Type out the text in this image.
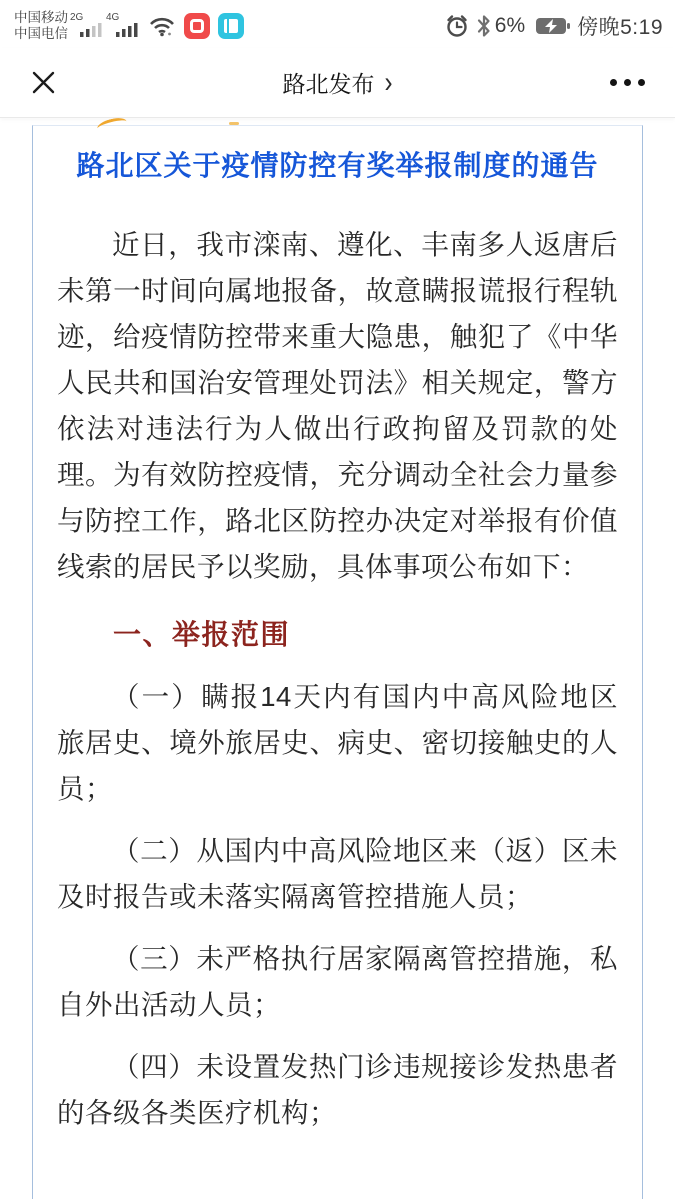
中国移动
中国电信
2G 4G	6% 傍晚5:19
路北发布 ›
路北区关于疫情防控有奖举报制度的通告

近日，我市滦南、遵化、丰南多人返唐后未第一时间向属地报备，故意瞒报谎报行程轨迹，给疫情防控带来重大隐患，触犯了《中华人民共和国治安管理处罚法》相关规定，警方依法对违法行为人做出行政拘留及罚款的处理。为有效防控疫情，充分调动全社会力量参与防控工作，路北区防控办决定对举报有价值线索的居民予以奖励，具体事项公布如下：

一、举报范围

（一）瞒报14天内有国内中高风险地区旅居史、境外旅居史、病史、密切接触史的人员；

（二）从国内中高风险地区来（返）区未及时报告或未落实隔离管控措施人员；

（三）未严格执行居家隔离管控措施，私自外出活动人员；

（四）未设置发热门诊违规接诊发热患者的各级各类医疗机构；
